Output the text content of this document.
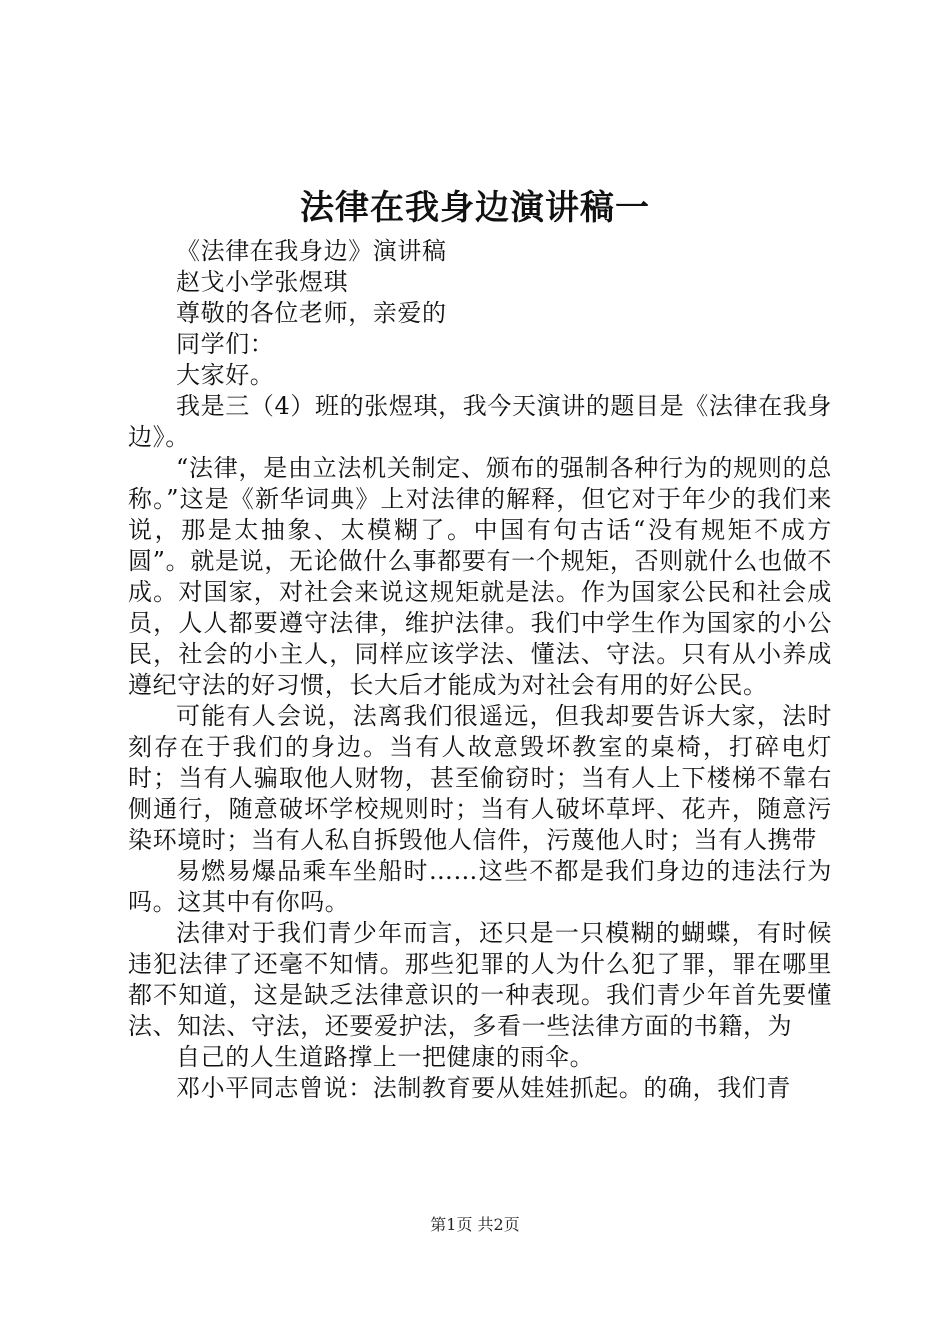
法律在我身边演讲稿一

《法律在我身边》演讲稿

赵戈小学张煜琪

尊敬的各位老师，亲爱的

同学们：

大家好。

我是三（4）班的张煜琪，我今天演讲的题目是《法律在我身边》。

“法律，是由立法机关制定、颁布的强制各种行为的规则的总称。”这是《新华词典》上对法律的解释，但它对于年少的我们来说，那是太抽象、太模糊了。中国有句古话“没有规矩不成方圆”。就是说，无论做什么事都要有一个规矩，否则就什么也做不成。对国家，对社会来说这规矩就是法。作为国家公民和社会成员，人人都要遵守法律，维护法律。我们中学生作为国家的小公民，社会的小主人，同样应该学法、懂法、守法。只有从小养成遵纪守法的好习惯，长大后才能成为对社会有用的好公民。

可能有人会说，法离我们很遥远，但我却要告诉大家，法时刻存在于我们的身边。当有人故意毁坏教室的桌椅，打碎电灯时；当有人骗取他人财物，甚至偷窃时；当有人上下楼梯不靠右侧通行，随意破坏学校规则时；当有人破坏草坪、花卉，随意污染环境时；当有人私自拆毁他人信件，污蔑他人时；当有人携带

易燃易爆品乘车坐船时……这些不都是我们身边的违法行为吗。这其中有你吗。

法律对于我们青少年而言，还只是一只模糊的蝴蝶，有时候违犯法律了还毫不知情。那些犯罪的人为什么犯了罪，罪在哪里都不知道，这是缺乏法律意识的一种表现。我们青少年首先要懂法、知法、守法，还要爱护法，多看一些法律方面的书籍，为

自己的人生道路撑上一把健康的雨伞。

邓小平同志曾说：法制教育要从娃娃抓起。的确，我们青

第1页 共2页
